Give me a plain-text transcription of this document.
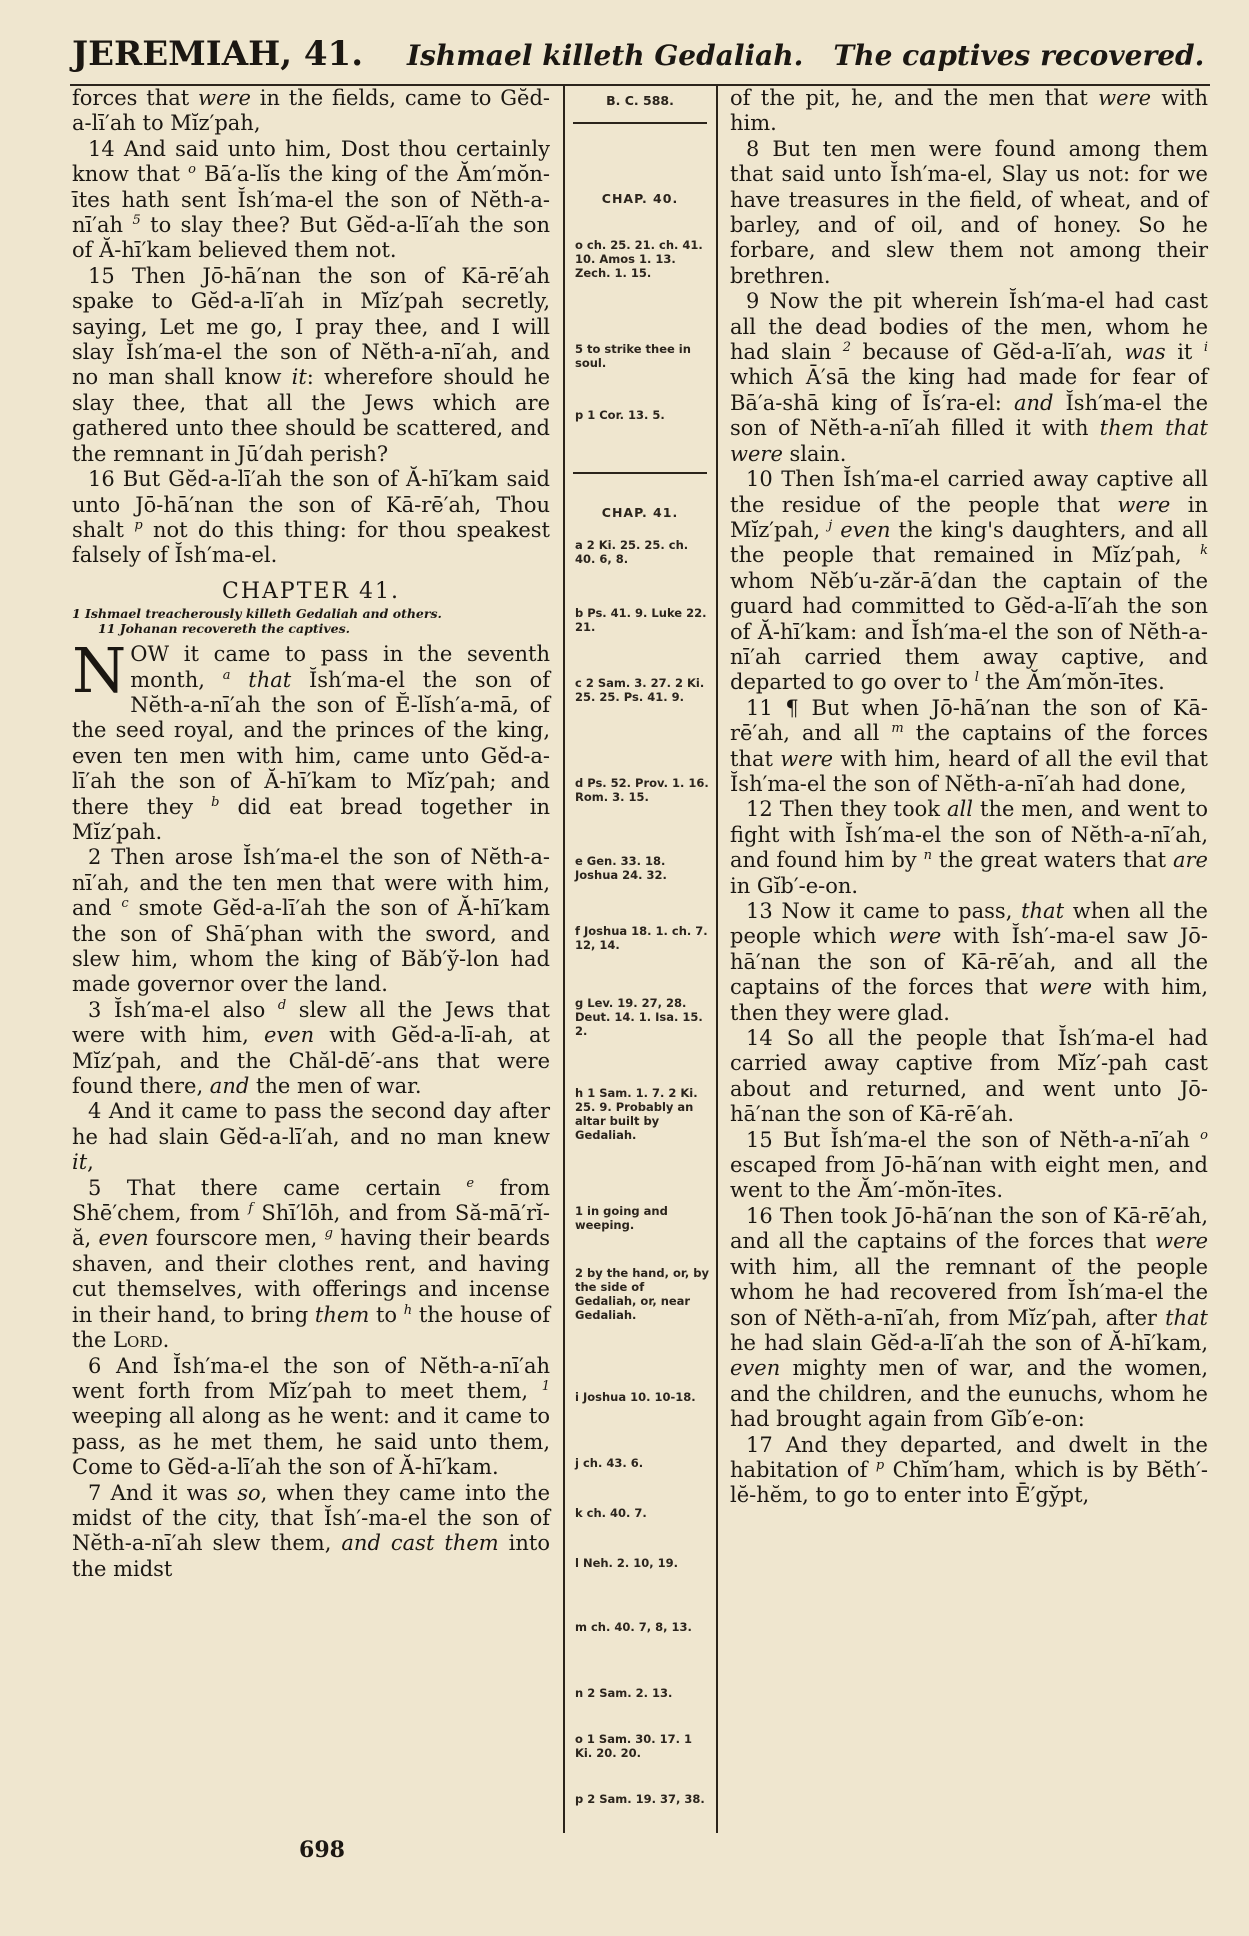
JEREMIAH, 41. Ishmael killeth Gedaliah. The captives recovered.

forces that were in the fields, came to Gĕd-a-lī′ah to Mĭz′pah,

14 And said unto him, Dost thou certainly know that $^o$ Bā′a-lĭs the king of the Ăm′mŏn-ītes hath sent Ĭsh′ma-el the son of Nĕth-a-nī′ah $^5$ to slay thee? But Gĕd-a-lī′ah the son of Ă-hī′kam believed them not.

15 Then Jō-hā′nan the son of Kā-rē′ah spake to Gĕd-a-lī′ah in Mĭz′pah secretly, saying, Let me go, I pray thee, and I will slay Ĭsh′ma-el the son of Nĕth-a-nī′ah, and no man shall know it: wherefore should he slay thee, that all the Jews which are gathered unto thee should be scattered, and the remnant in Jū′dah perish?

16 But Gĕd-a-lī′ah the son of Ă-hī′kam said unto Jō-hā′nan the son of Kā-rē′ah, Thou shalt $^p$ not do this thing: for thou speakest falsely of Ĭsh′ma-el.

CHAPTER 41.
1 Ishmael treacherously killeth Gedaliah and others.
11 Johanan recovereth the captives.

NOW it came to pass in the seventh month, $^a$ that Ĭsh′ma-el the son of Nĕth-a-nī′ah the son of Ĕ-lĭsh′a-mā, of the seed royal, and the princes of the king, even ten men with him, came unto Gĕd-a-lī′ah the son of Ă-hī′kam to Mĭz′pah; and there they $^b$ did eat bread together in Mĭz′pah.

2 Then arose Ĭsh′ma-el the son of Nĕth-a-nī′ah, and the ten men that were with him, and $^c$ smote Gĕd-a-lī′ah the son of Ă-hī′kam the son of Shā′phan with the sword, and slew him, whom the king of Băb′y̆-lon had made governor over the land.

3 Ĭsh′ma-el also $^d$ slew all the Jews that were with him, even with Gĕd-a-lī-ah, at Mĭz′pah, and the Chăl-dē′-ans that were found there, and the men of war.

4 And it came to pass the second day after he had slain Gĕd-a-lī′ah, and no man knew it,

5 That there came certain $^e$ from Shē′chem, from $^f$ Shī′lōh, and from Să-mā′rĭ-ă, even fourscore men, $^g$ having their beards shaven, and their clothes rent, and having cut themselves, with offerings and incense in their hand, to bring them to $^h$ the house of the Lord.

6 And Ĭsh′ma-el the son of Nĕth-a-nī′ah went forth from Mĭz′pah to meet them, $^1$ weeping all along as he went: and it came to pass, as he met them, he said unto them, Come to Gĕd-a-lī′ah the son of Ă-hī′kam.

7 And it was so, when they came into the midst of the city, that Ĭsh′-ma-el the son of Nĕth-a-nī′ah slew them, and cast them into the midst

B. C. 588.
CHAP. 40.
o ch. 25. 21. ch. 41. 10. Amos 1. 13. Zech. 1. 15.
5 to strike thee in soul.
p 1 Cor. 13. 5.
CHAP. 41.
a 2 Ki. 25. 25. ch. 40. 6, 8.
b Ps. 41. 9. Luke 22. 21.
c 2 Sam. 3. 27. 2 Ki. 25. 25. Ps. 41. 9.
d Ps. 52. Prov. 1. 16. Rom. 3. 15.
e Gen. 33. 18. Joshua 24. 32.
f Joshua 18. 1. ch. 7. 12, 14.
g Lev. 19. 27, 28. Deut. 14. 1. Isa. 15. 2.
h 1 Sam. 1. 7. 2 Ki. 25. 9. Probably an altar built by Gedaliah.
1 in going and weeping.
2 by the hand, or, by the side of Gedaliah, or, near Gedaliah.
i Joshua 10. 10-18.
j ch. 43. 6.
k ch. 40. 7.
l Neh. 2. 10, 19.
m ch. 40. 7, 8, 13.
n 2 Sam. 2. 13.
o 1 Sam. 30. 17. 1 Ki. 20. 20.
p 2 Sam. 19. 37, 38.

of the pit, he, and the men that were with him.

8 But ten men were found among them that said unto Ĭsh′ma-el, Slay us not: for we have treasures in the field, of wheat, and of barley, and of oil, and of honey. So he forbare, and slew them not among their brethren.

9 Now the pit wherein Ĭsh′ma-el had cast all the dead bodies of the men, whom he had slain $^2$ because of Gĕd-a-lī′ah, was it $^i$ which Ā′sā the king had made for fear of Bā′a-shā king of Ĭs′ra-el: and Ĭsh′ma-el the son of Nĕth-a-nī′ah filled it with them that were slain.

10 Then Ĭsh′ma-el carried away captive all the residue of the people that were in Mĭz′pah, $^j$ even the king's daughters, and all the people that remained in Mĭz′pah, $^k$ whom Nĕb′u-zăr-ā′dan the captain of the guard had committed to Gĕd-a-lī′ah the son of Ă-hī′kam: and Ĭsh′ma-el the son of Nĕth-a-nī′ah carried them away captive, and departed to go over to $^l$ the Ăm′mŏn-ītes.

11 ¶ But when Jō-hā′nan the son of Kā-rē′ah, and all $^m$ the captains of the forces that were with him, heard of all the evil that Ĭsh′ma-el the son of Nĕth-a-nī′ah had done,

12 Then they took all the men, and went to fight with Ĭsh′ma-el the son of Nĕth-a-nī′ah, and found him by $^n$ the great waters that are in Gĭb′-e-on.

13 Now it came to pass, that when all the people which were with Ĭsh′-ma-el saw Jō-hā′nan the son of Kā-rē′ah, and all the captains of the forces that were with him, then they were glad.

14 So all the people that Ĭsh′ma-el had carried away captive from Mĭz′-pah cast about and returned, and went unto Jō-hā′nan the son of Kā-rē′ah.

15 But Ĭsh′ma-el the son of Nĕth-a-nī′ah $^o$ escaped from Jō-hā′nan with eight men, and went to the Ăm′-mŏn-ītes.

16 Then took Jō-hā′nan the son of Kā-rē′ah, and all the captains of the forces that were with him, all the remnant of the people whom he had recovered from Ĭsh′ma-el the son of Nĕth-a-nī′ah, from Mĭz′pah, after that he had slain Gĕd-a-lī′ah the son of Ă-hī′kam, even mighty men of war, and the women, and the children, and the eunuchs, whom he had brought again from Gĭb′e-on:

17 And they departed, and dwelt in the habitation of $^p$ Chĭm′ham, which is by Bĕth′-lĕ-hĕm, to go to enter into Ē′gy̆pt,

698
